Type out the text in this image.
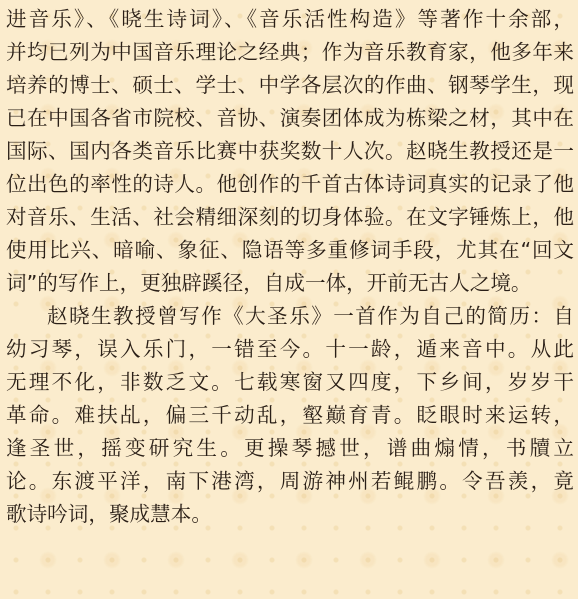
进音乐》、《晓生诗词》、《音乐活性构造》等著作十余部，
并均已列为中国音乐理论之经典；作为音乐教育家，他多年来
培养的博士、硕士、学士、中学各层次的作曲、钢琴学生，现
已在中国各省市院校、音协、演奏团体成为栋梁之材，其中在
国际、国内各类音乐比赛中获奖数十人次。赵晓生教授还是一
位出色的率性的诗人。他创作的千首古体诗词真实的记录了他
对音乐、生活、社会精细深刻的切身体验。在文字锤炼上，他
使用比兴、暗喻、象征、隐语等多重修词手段，尤其在“回文
词”的写作上，更独辟蹊径，自成一体，开前无古人之境。
赵晓生教授曾写作《大圣乐》一首作为自己的简历：自
幼习琴，误入乐门，一错至今。十一龄，遁来音中。从此
无理不化，非数乏文。七载寒窗又四度，下乡间，岁岁干
革命。难扶乩，偏三千动乱，壑巅育青。眨眼时来运转，
逢圣世，摇变研究生。更操琴撼世，谱曲煽情，书牘立
论。东渡平洋，南下港湾，周游神州若鲲鹏。令吾羡，竟
歌诗吟词，聚成慧本。
